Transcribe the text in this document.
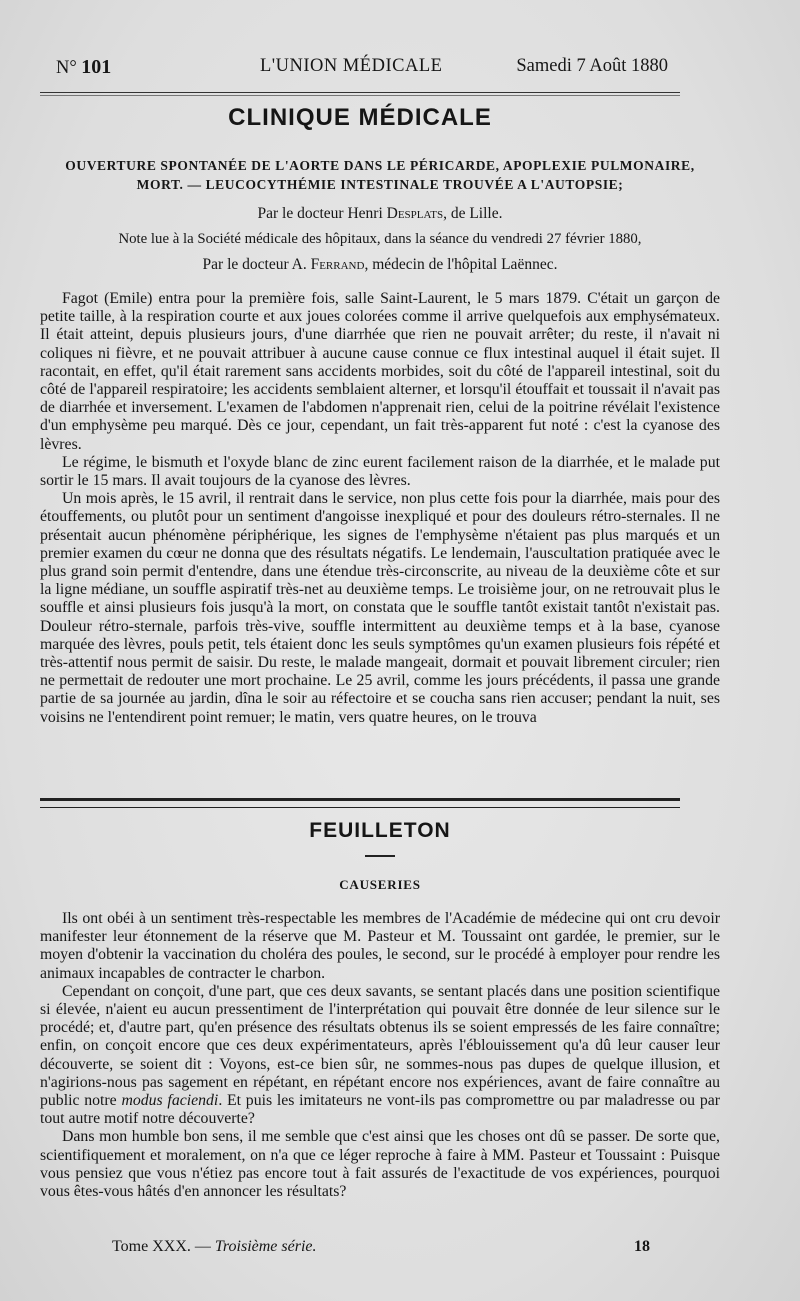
N° 101	L'UNION MÉDICALE	Samedi 7 Août 1880
CLINIQUE MÉDICALE
OUVERTURE SPONTANÉE DE L'AORTE DANS LE PÉRICARDE, APOPLEXIE PULMONAIRE,
MORT. — LEUCOCYTHÉMIE INTESTINALE TROUVÉE A L'AUTOPSIE;
Par le docteur Henri Desplats, de Lille.
Note lue à la Société médicale des hôpitaux, dans la séance du vendredi 27 février 1880,
Par le docteur A. Ferrand, médecin de l'hôpital Laënnec.

Fagot (Emile) entra pour la première fois, salle Saint-Laurent, le 5 mars 1879. C'était un garçon de petite taille, à la respiration courte et aux joues colorées comme il arrive quelquefois aux emphysémateux. Il était atteint, depuis plusieurs jours, d'une diarrhée que rien ne pouvait arrêter; du reste, il n'avait ni coliques ni fièvre, et ne pouvait attribuer à aucune cause connue ce flux intestinal auquel il était sujet. Il racontait, en effet, qu'il était rarement sans accidents morbides, soit du côté de l'appareil intestinal, soit du côté de l'appareil respiratoire; les accidents semblaient alterner, et lorsqu'il étouffait et toussait il n'avait pas de diarrhée et inversement. L'examen de l'abdomen n'apprenait rien, celui de la poitrine révélait l'existence d'un emphysème peu marqué. Dès ce jour, cependant, un fait très-apparent fut noté : c'est la cyanose des lèvres.

Le régime, le bismuth et l'oxyde blanc de zinc eurent facilement raison de la diarrhée, et le malade put sortir le 15 mars. Il avait toujours de la cyanose des lèvres.

Un mois après, le 15 avril, il rentrait dans le service, non plus cette fois pour la diarrhée, mais pour des étouffements, ou plutôt pour un sentiment d'angoisse inexpliqué et pour des douleurs rétro-sternales. Il ne présentait aucun phénomène périphérique, les signes de l'emphysème n'étaient pas plus marqués et un premier examen du cœur ne donna que des résultats négatifs. Le lendemain, l'auscultation pratiquée avec le plus grand soin permit d'entendre, dans une étendue très-circonscrite, au niveau de la deuxième côte et sur la ligne médiane, un souffle aspiratif très-net au deuxième temps. Le troisième jour, on ne retrouvait plus le souffle et ainsi plusieurs fois jusqu'à la mort, on constata que le souffle tantôt existait tantôt n'existait pas. Douleur rétro-sternale, parfois très-vive, souffle intermittent au deuxième temps et à la base, cyanose marquée des lèvres, pouls petit, tels étaient donc les seuls symptômes qu'un examen plusieurs fois répété et très-attentif nous permit de saisir. Du reste, le malade mangeait, dormait et pouvait librement circuler; rien ne permettait de redouter une mort prochaine. Le 25 avril, comme les jours précédents, il passa une grande partie de sa journée au jardin, dîna le soir au réfectoire et se coucha sans rien accuser; pendant la nuit, ses voisins ne l'entendirent point remuer; le matin, vers quatre heures, on le trouva

FEUILLETON
CAUSERIES

Ils ont obéi à un sentiment très-respectable les membres de l'Académie de médecine qui ont cru devoir manifester leur étonnement de la réserve que M. Pasteur et M. Toussaint ont gardée, le premier, sur le moyen d'obtenir la vaccination du choléra des poules, le second, sur le procédé à employer pour rendre les animaux incapables de contracter le charbon.

Cependant on conçoit, d'une part, que ces deux savants, se sentant placés dans une position scientifique si élevée, n'aient eu aucun pressentiment de l'interprétation qui pouvait être donnée de leur silence sur le procédé; et, d'autre part, qu'en présence des résultats obtenus ils se soient empressés de les faire connaître; enfin, on conçoit encore que ces deux expérimentateurs, après l'éblouissement qu'a dû leur causer leur découverte, se soient dit : Voyons, est-ce bien sûr, ne sommes-nous pas dupes de quelque illusion, et n'agirions-nous pas sagement en répétant, en répétant encore nos expériences, avant de faire connaître au public notre modus faciendi. Et puis les imitateurs ne vont-ils pas compromettre ou par maladresse ou par tout autre motif notre découverte?

Dans mon humble bon sens, il me semble que c'est ainsi que les choses ont dû se passer. De sorte que, scientifiquement et moralement, on n'a que ce léger reproche à faire à MM. Pasteur et Toussaint : Puisque vous pensiez que vous n'étiez pas encore tout à fait assurés de l'exactitude de vos expériences, pourquoi vous êtes-vous hâtés d'en annoncer les résultats?

Tome XXX. — Troisième série.	18
